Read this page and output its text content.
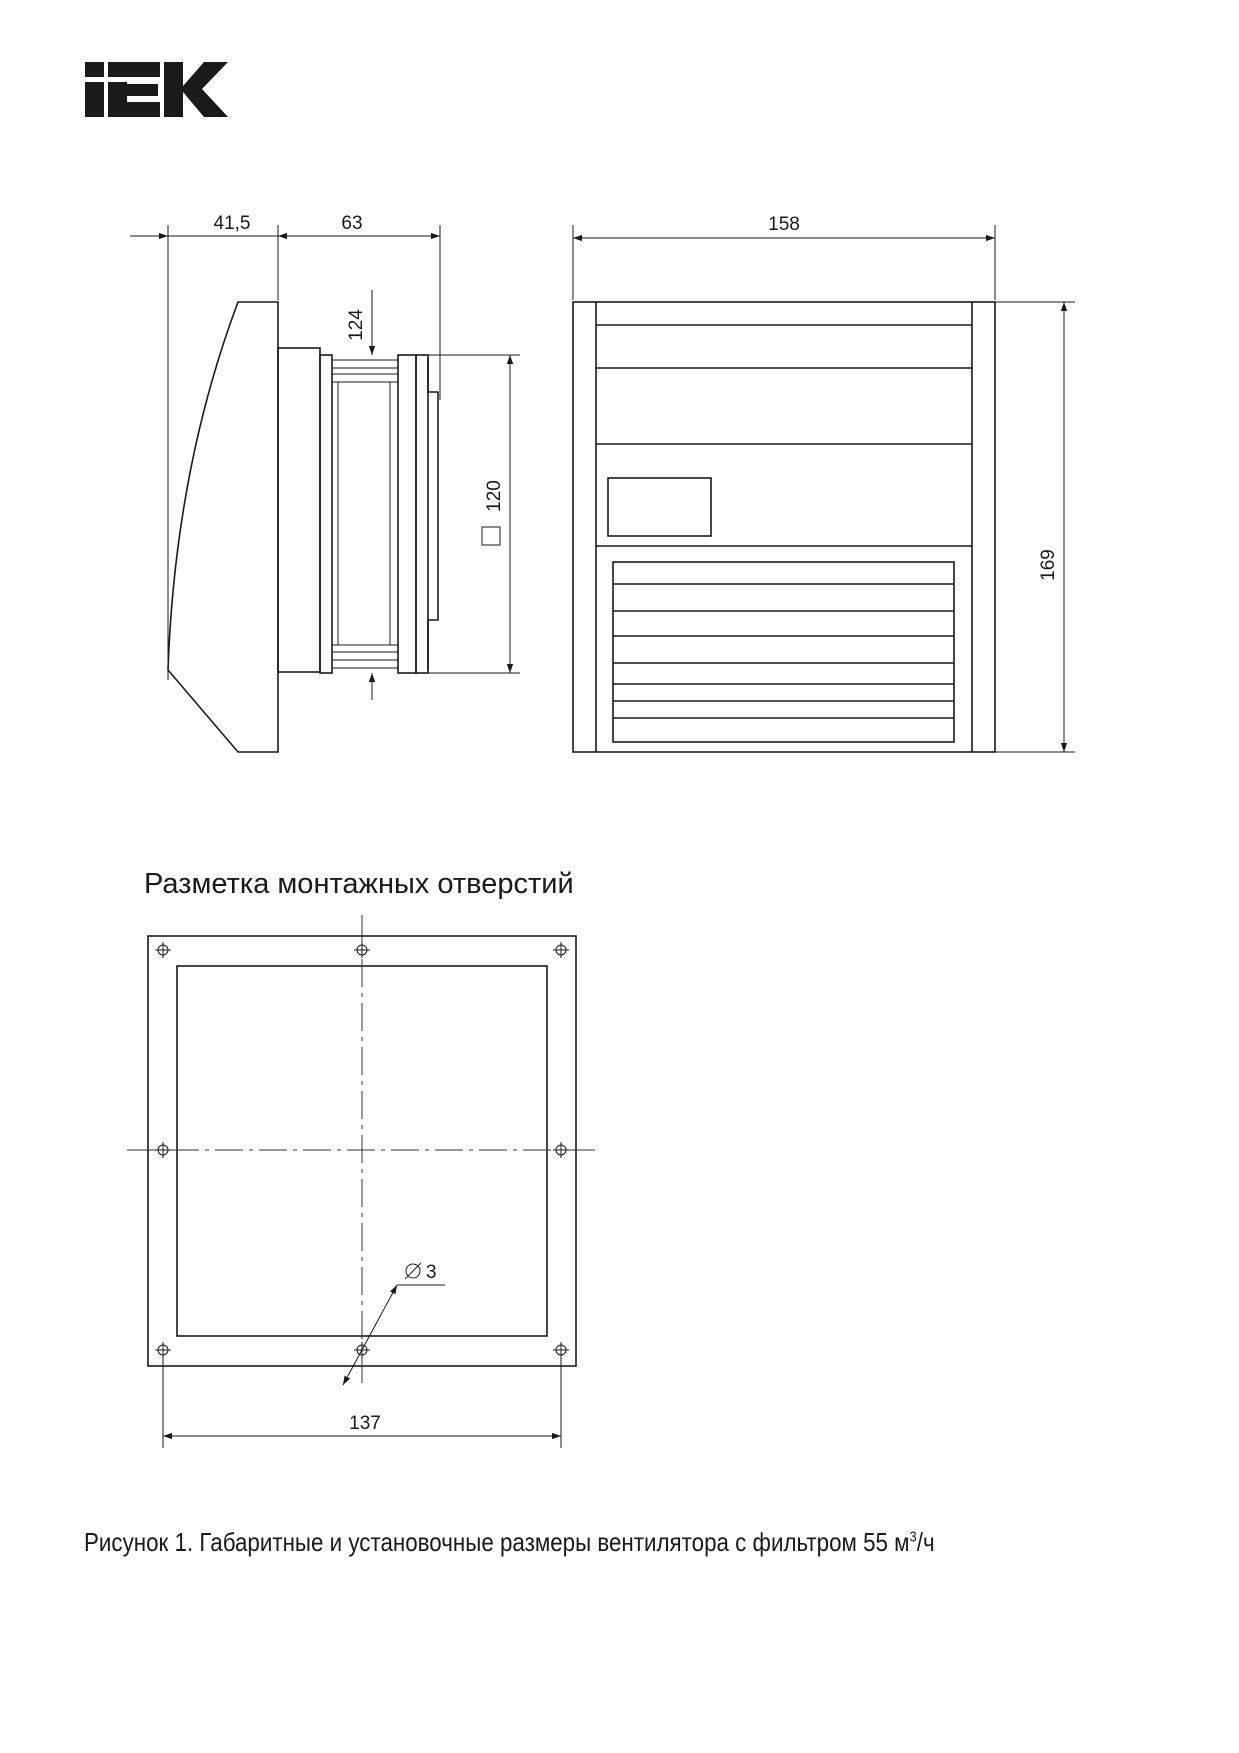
41,5	63
124
120
158
169
3
137
Разметка монтажных отверстий
Рисунок 1. Габаритные и установочные размеры вентилятора с фильтром 55 $м^3/ч$
